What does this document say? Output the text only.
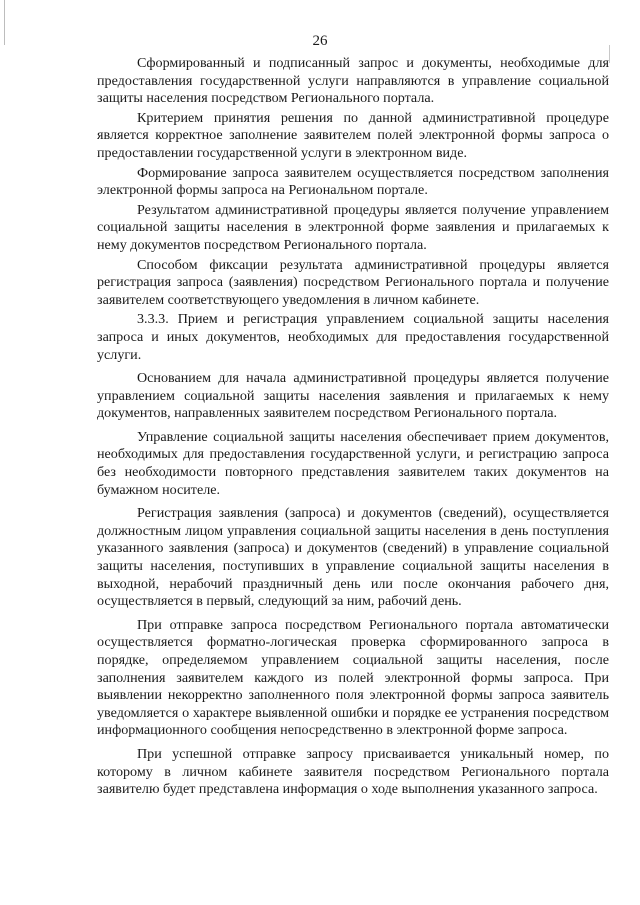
26

Сформированный и подписанный запрос и документы, необходимые для предоставления государственной услуги направляются в управление социальной защиты населения посредством Регионального портала.

Критерием принятия решения по данной административной процедуре является корректное заполнение заявителем полей электронной формы запроса о предоставлении государственной услуги в электронном виде.

Формирование запроса заявителем осуществляется посредством заполнения электронной формы запроса на Региональном портале.

Результатом административной процедуры является получение управлением социальной защиты населения в электронной форме заявления и прилагаемых к нему документов посредством Регионального портала.

Способом фиксации результата административной процедуры является регистрация запроса (заявления) посредством Регионального портала и получение заявителем соответствующего уведомления в личном кабинете.

3.3.3. Прием и регистрация управлением социальной защиты населения запроса и иных документов, необходимых для предоставления государственной услуги.

Основанием для начала административной процедуры является получение управлением социальной защиты населения заявления и прилагаемых к нему документов, направленных заявителем посредством Регионального портала.

Управление социальной защиты населения обеспечивает прием документов, необходимых для предоставления государственной услуги, и регистрацию запроса без необходимости повторного представления заявителем таких документов на бумажном носителе.

Регистрация заявления (запроса) и документов (сведений), осуществляется должностным лицом управления социальной защиты населения в день поступления указанного заявления (запроса) и документов (сведений) в управление социальной защиты населения, поступивших в управление социальной защиты населения в выходной, нерабочий праздничный день или после окончания рабочего дня, осуществляется в первый, следующий за ним, рабочий день.

При отправке запроса посредством Регионального портала автоматически осуществляется форматно-логическая проверка сформированного запроса в порядке, определяемом управлением социальной защиты населения, после заполнения заявителем каждого из полей электронной формы запроса. При выявлении некорректно заполненного поля электронной формы запроса заявитель уведомляется о характере выявленной ошибки и порядке ее устранения посредством информационного сообщения непосредственно в электронной форме запроса.

При успешной отправке запросу присваивается уникальный номер, по которому в личном кабинете заявителя посредством Регионального портала заявителю будет представлена информация о ходе выполнения указанного запроса.
